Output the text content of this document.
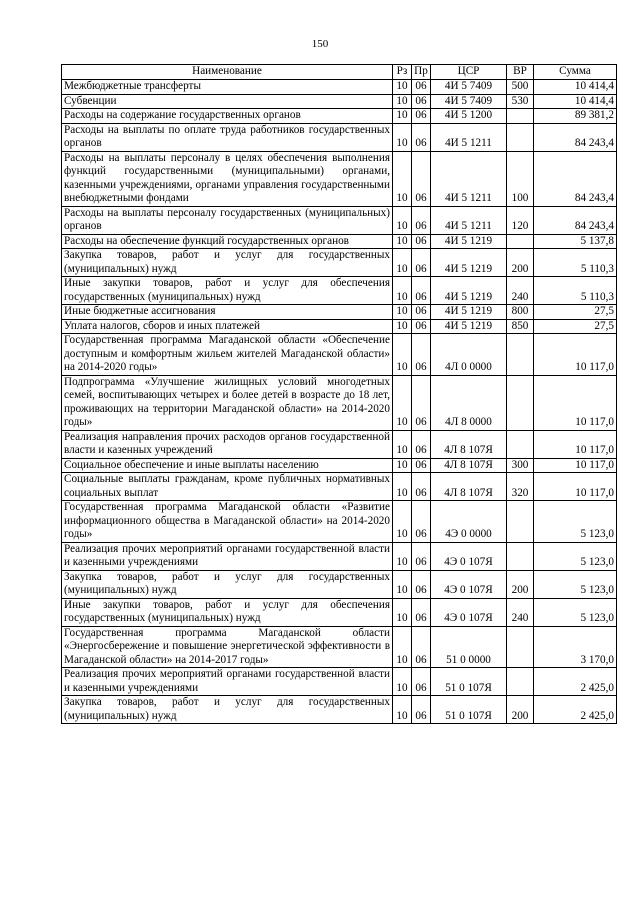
150
Наименование	Рз	Пр	ЦСР	ВР	Сумма
Межбюджетные трансферты	10	06	4И 5 7409	500	10 414,4
Субвенции	10	06	4И 5 7409	530	10 414,4
Расходы на содержание государственных органов	10	06	4И 5 1200		89 381,2
Расходы на выплаты по оплате труда работников государственных органов	10	06	4И 5 1211		84 243,4
Расходы на выплаты персоналу в целях обеспечения выполнения функций государственными (муниципальными) органами, казенными учреждениями, органами управления государственными внебюджетными фондами	10	06	4И 5 1211	100	84 243,4
Расходы на выплаты персоналу государственных (муниципальных) органов	10	06	4И 5 1211	120	84 243,4
Расходы на обеспечение функций государственных органов	10	06	4И 5 1219		5 137,8
Закупка товаров, работ и услуг для государственных (муниципальных) нужд	10	06	4И 5 1219	200	5 110,3
Иные закупки товаров, работ и услуг для обеспечения государственных (муниципальных) нужд	10	06	4И 5 1219	240	5 110,3
Иные бюджетные ассигнования	10	06	4И 5 1219	800	27,5
Уплата налогов, сборов и иных платежей	10	06	4И 5 1219	850	27,5
Государственная программа Магаданской области «Обеспечение доступным и комфортным жильем жителей Магаданской области» на 2014-2020 годы»	10	06	4Л 0 0000		10 117,0
Подпрограмма «Улучшение жилищных условий многодетных семей, воспитывающих четырех и более детей в возрасте до 18 лет, проживающих на территории Магаданской области» на 2014-2020 годы»	10	06	4Л 8 0000		10 117,0
Реализация направления прочих расходов органов государственной власти и казенных учреждений	10	06	4Л 8 107Я		10 117,0
Социальное обеспечение и иные выплаты населению	10	06	4Л 8 107Я	300	10 117,0
Социальные выплаты гражданам, кроме публичных нормативных социальных выплат	10	06	4Л 8 107Я	320	10 117,0
Государственная программа Магаданской области «Развитие информационного общества в Магаданской области» на 2014-2020 годы»	10	06	4Э 0 0000		5 123,0
Реализация прочих мероприятий органами государственной власти и казенными учреждениями	10	06	4Э 0 107Я		5 123,0
Закупка товаров, работ и услуг для государственных (муниципальных) нужд	10	06	4Э 0 107Я	200	5 123,0
Иные закупки товаров, работ и услуг для обеспечения государственных (муниципальных) нужд	10	06	4Э 0 107Я	240	5 123,0
Государственная программа Магаданской области «Энергосбережение и повышение энергетической эффективности в Магаданской области» на 2014-2017 годы»	10	06	51 0 0000		3 170,0
Реализация прочих мероприятий органами государственной власти и казенными учреждениями	10	06	51 0 107Я		2 425,0
Закупка товаров, работ и услуг для государственных (муниципальных) нужд	10	06	51 0 107Я	200	2 425,0
